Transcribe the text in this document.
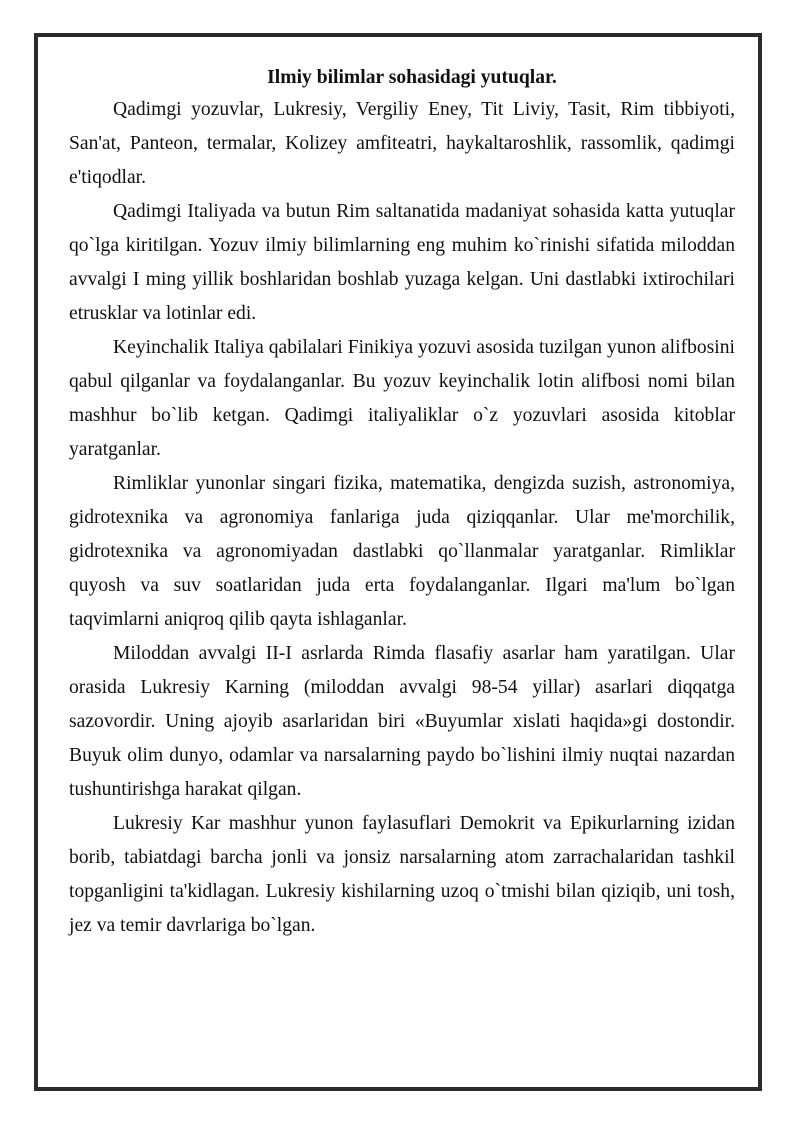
Ilmiy bilimlar sohasidagi yutuqlar.

Qadimgi yozuvlar, Lukresiy, Vergiliy Eney, Tit Liviy, Tasit, Rim tibbiyoti, San'at, Panteon, termalar, Kolizey amfiteatri, haykaltaroshlik, rassomlik, qadimgi e'tiqodlar.

Qadimgi Italiyada va butun Rim saltanatida madaniyat sohasida katta yutuqlar qo`lga kiritilgan. Yozuv ilmiy bilimlarning eng muhim ko`rinishi sifatida miloddan avvalgi I ming yillik boshlaridan boshlab yuzaga kelgan. Uni dastlabki ixtirochilari etrusklar va lotinlar edi.

Keyinchalik Italiya qabilalari Finikiya yozuvi asosida tuzilgan yunon alifbosini qabul qilganlar va foydalanganlar. Bu yozuv keyinchalik lotin alifbosi nomi bilan mashhur bo`lib ketgan. Qadimgi italiyaliklar o`z yozuvlari asosida kitoblar yaratganlar.

Rimliklar yunonlar singari fizika, matematika, dengizda suzish, astronomiya, gidrotexnika va agronomiya fanlariga juda qiziqqanlar. Ular me'morchilik, gidrotexnika va agronomiyadan dastlabki qo`llanmalar yaratganlar. Rimliklar quyosh va suv soatlaridan juda erta foydalanganlar. Ilgari ma'lum bo`lgan taqvimlarni aniqroq qilib qayta ishlaganlar.

Miloddan avvalgi II-I asrlarda Rimda flasafiy asarlar ham yaratilgan. Ular orasida Lukresiy Karning (miloddan avvalgi 98-54 yillar) asarlari diqqatga sazovordir. Uning ajoyib asarlaridan biri «Buyumlar xislati haqida»gi dostondir. Buyuk olim dunyo, odamlar va narsalarning paydo bo`lishini ilmiy nuqtai nazardan tushuntirishga harakat qilgan.

Lukresiy Kar mashhur yunon faylasuflari Demokrit va Epikurlarning izidan borib, tabiatdagi barcha jonli va jonsiz narsalarning atom zarrachalaridan tashkil topganligini ta'kidlagan. Lukresiy kishilarning uzoq o`tmishi bilan qiziqib, uni tosh, jez va temir davrlariga bo`lgan.
